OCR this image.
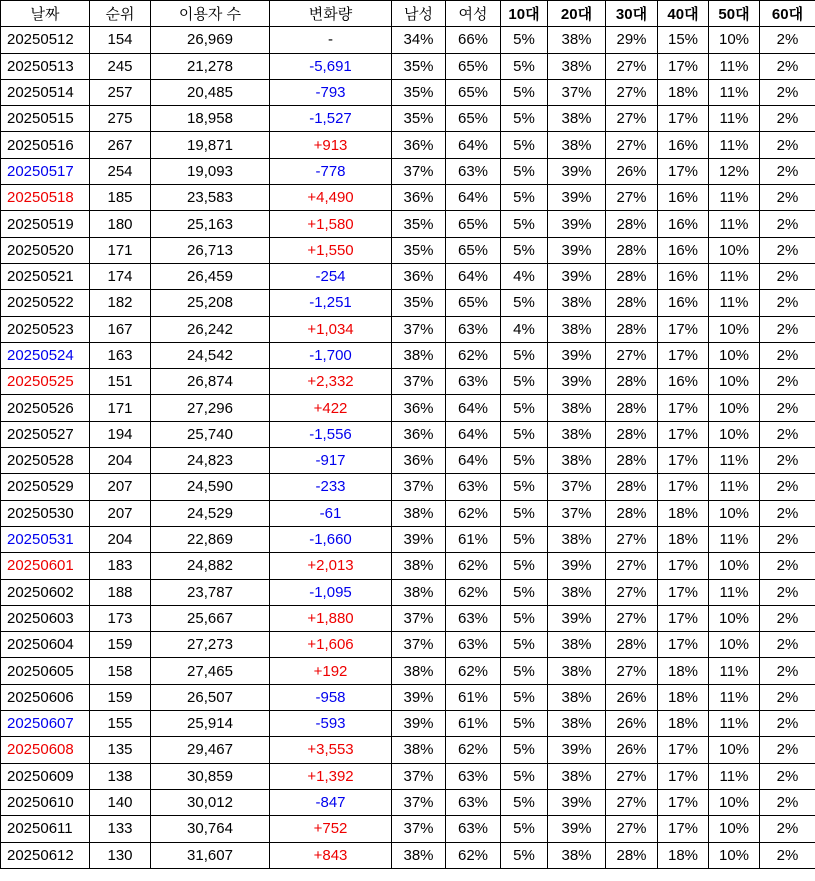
날짜	순위	이용자 수	변화량	남성	여성	10대	20대	30대	40대	50대	60대
20250512	154	26,969	-	34%	66%	5%	38%	29%	15%	10%	2%
20250513	245	21,278	-5,691	35%	65%	5%	38%	27%	17%	11%	2%
20250514	257	20,485	-793	35%	65%	5%	37%	27%	18%	11%	2%
20250515	275	18,958	-1,527	35%	65%	5%	38%	27%	17%	11%	2%
20250516	267	19,871	+913	36%	64%	5%	38%	27%	16%	11%	2%
20250517	254	19,093	-778	37%	63%	5%	39%	26%	17%	12%	2%
20250518	185	23,583	+4,490	36%	64%	5%	39%	27%	16%	11%	2%
20250519	180	25,163	+1,580	35%	65%	5%	39%	28%	16%	11%	2%
20250520	171	26,713	+1,550	35%	65%	5%	39%	28%	16%	10%	2%
20250521	174	26,459	-254	36%	64%	4%	39%	28%	16%	11%	2%
20250522	182	25,208	-1,251	35%	65%	5%	38%	28%	16%	11%	2%
20250523	167	26,242	+1,034	37%	63%	4%	38%	28%	17%	10%	2%
20250524	163	24,542	-1,700	38%	62%	5%	39%	27%	17%	10%	2%
20250525	151	26,874	+2,332	37%	63%	5%	39%	28%	16%	10%	2%
20250526	171	27,296	+422	36%	64%	5%	38%	28%	17%	10%	2%
20250527	194	25,740	-1,556	36%	64%	5%	38%	28%	17%	10%	2%
20250528	204	24,823	-917	36%	64%	5%	38%	28%	17%	11%	2%
20250529	207	24,590	-233	37%	63%	5%	37%	28%	17%	11%	2%
20250530	207	24,529	-61	38%	62%	5%	37%	28%	18%	10%	2%
20250531	204	22,869	-1,660	39%	61%	5%	38%	27%	18%	11%	2%
20250601	183	24,882	+2,013	38%	62%	5%	39%	27%	17%	10%	2%
20250602	188	23,787	-1,095	38%	62%	5%	38%	27%	17%	11%	2%
20250603	173	25,667	+1,880	37%	63%	5%	39%	27%	17%	10%	2%
20250604	159	27,273	+1,606	37%	63%	5%	38%	28%	17%	10%	2%
20250605	158	27,465	+192	38%	62%	5%	38%	27%	18%	11%	2%
20250606	159	26,507	-958	39%	61%	5%	38%	26%	18%	11%	2%
20250607	155	25,914	-593	39%	61%	5%	38%	26%	18%	11%	2%
20250608	135	29,467	+3,553	38%	62%	5%	39%	26%	17%	10%	2%
20250609	138	30,859	+1,392	37%	63%	5%	38%	27%	17%	11%	2%
20250610	140	30,012	-847	37%	63%	5%	39%	27%	17%	10%	2%
20250611	133	30,764	+752	37%	63%	5%	39%	27%	17%	10%	2%
20250612	130	31,607	+843	38%	62%	5%	38%	28%	18%	10%	2%
